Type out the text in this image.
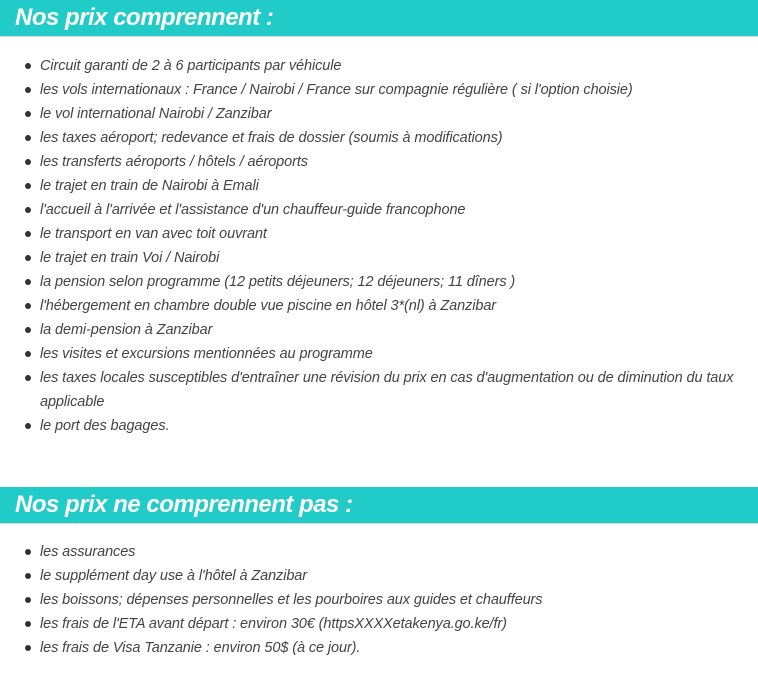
Nos prix comprennent :
Circuit garanti de 2 à 6 participants par véhicule
les vols internationaux : France / Nairobi / France sur compagnie régulière ( si l'option choisie)
le vol international Nairobi / Zanzibar
les taxes aéroport; redevance et frais de dossier (soumis à modifications)
les transferts aéroports / hôtels / aéroports
le trajet en train de Nairobi à Emali
l'accueil à l'arrivée et l'assistance d'un chauffeur-guide francophone
le transport en van avec toit ouvrant
le trajet en train Voi / Nairobi
la pension selon programme (12 petits déjeuners; 12 déjeuners; 11 dîners )
l'hébergement en chambre double vue piscine en hôtel 3*(nl) à Zanzibar
la demi-pension à Zanzibar
les visites et excursions mentionnées au programme
les taxes locales susceptibles d'entraîner une révision du prix en cas d'augmentation ou de diminution du taux applicable
le port des bagages.
Nos prix ne comprennent pas :
les assurances
le supplément day use à l'hôtel à Zanzibar
les boissons; dépenses personnelles et les pourboires aux guides et chauffeurs
les frais de l'ETA avant départ : environ 30€ (httpsXXXXetakenya.go.ke/fr)
les frais de Visa Tanzanie : environ 50$ (à ce jour).
